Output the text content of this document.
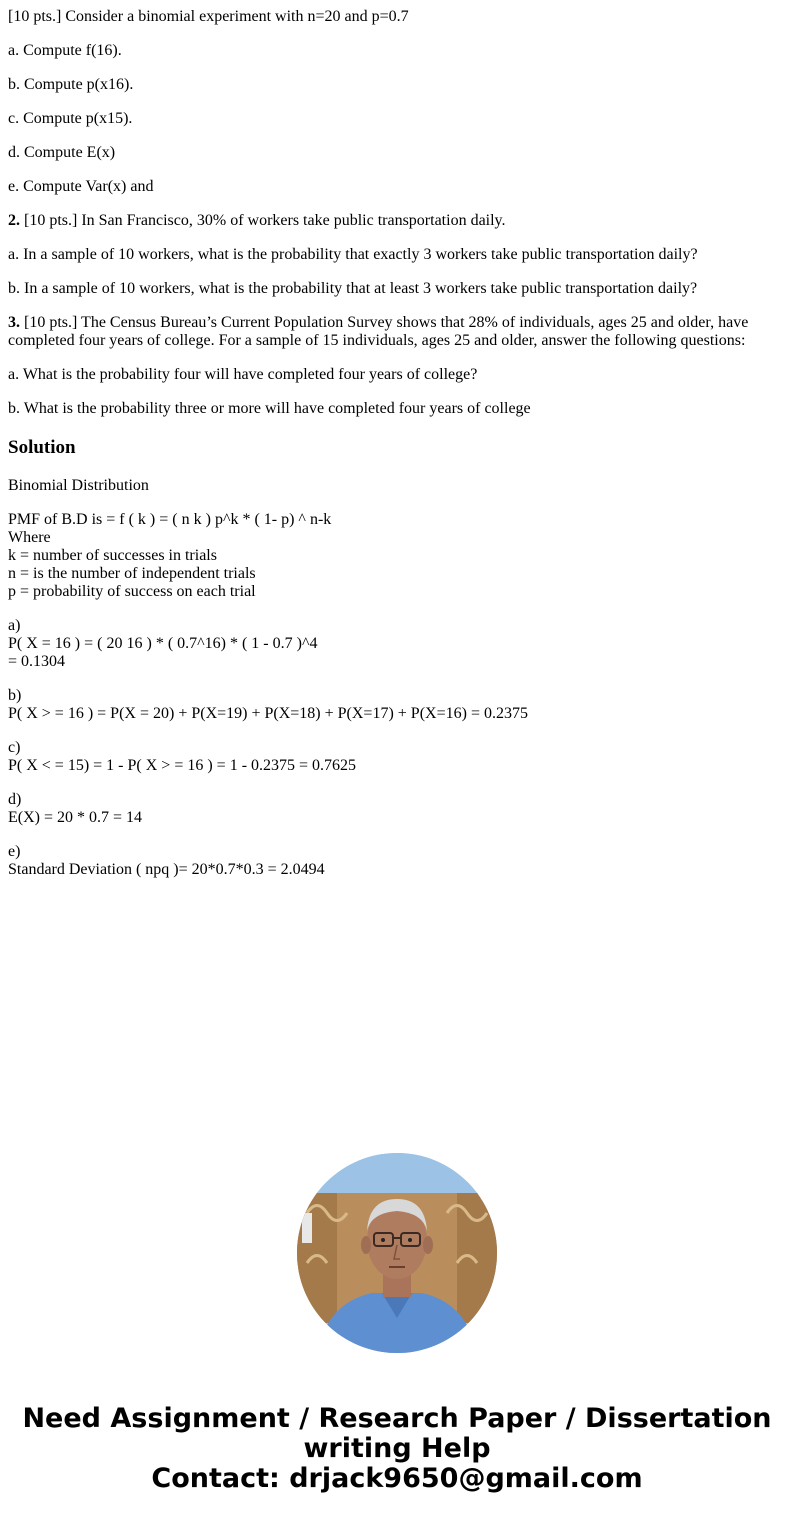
[10 pts.] Consider a binomial experiment with n=20 and p=0.7

a. Compute f(16).

b. Compute p(x16).

c. Compute p(x15).

d. Compute E(x)

e. Compute Var(x) and

2. [10 pts.] In San Francisco, 30% of workers take public transportation daily.

a. In a sample of 10 workers, what is the probability that exactly 3 workers take public transportation daily?

b. In a sample of 10 workers, what is the probability that at least 3 workers take public transportation daily?

3. [10 pts.] The Census Bureau’s Current Population Survey shows that 28% of individuals, ages 25 and older, have completed four years of college. For a sample of 15 individuals, ages 25 and older, answer the following questions:

a. What is the probability four will have completed four years of college?

b. What is the probability three or more will have completed four years of college

Solution

Binomial Distribution

PMF of B.D is = f ( k ) = ( n k ) p^k * ( 1- p) ^ n-k

Where

k = number of successes in trials

n = is the number of independent trials

p = probability of success on each trial

a)

P( X = 16 ) = ( 20 16 ) * ( 0.7^16) * ( 1 - 0.7 )^4

= 0.1304

b)

P( X > = 16 ) = P(X = 20) + P(X=19) + P(X=18) + P(X=17) + P(X=16) = 0.2375

c)

P( X < = 15) = 1 - P( X > = 16 ) = 1 - 0.2375 = 0.7625

d)

E(X) = 20 * 0.7 = 14

e)

Standard Deviation ( npq )= 20*0.7*0.3 = 2.0494

Need Assignment / Research Paper / Dissertation
writing Help
Contact: drjack9650@gmail.com
